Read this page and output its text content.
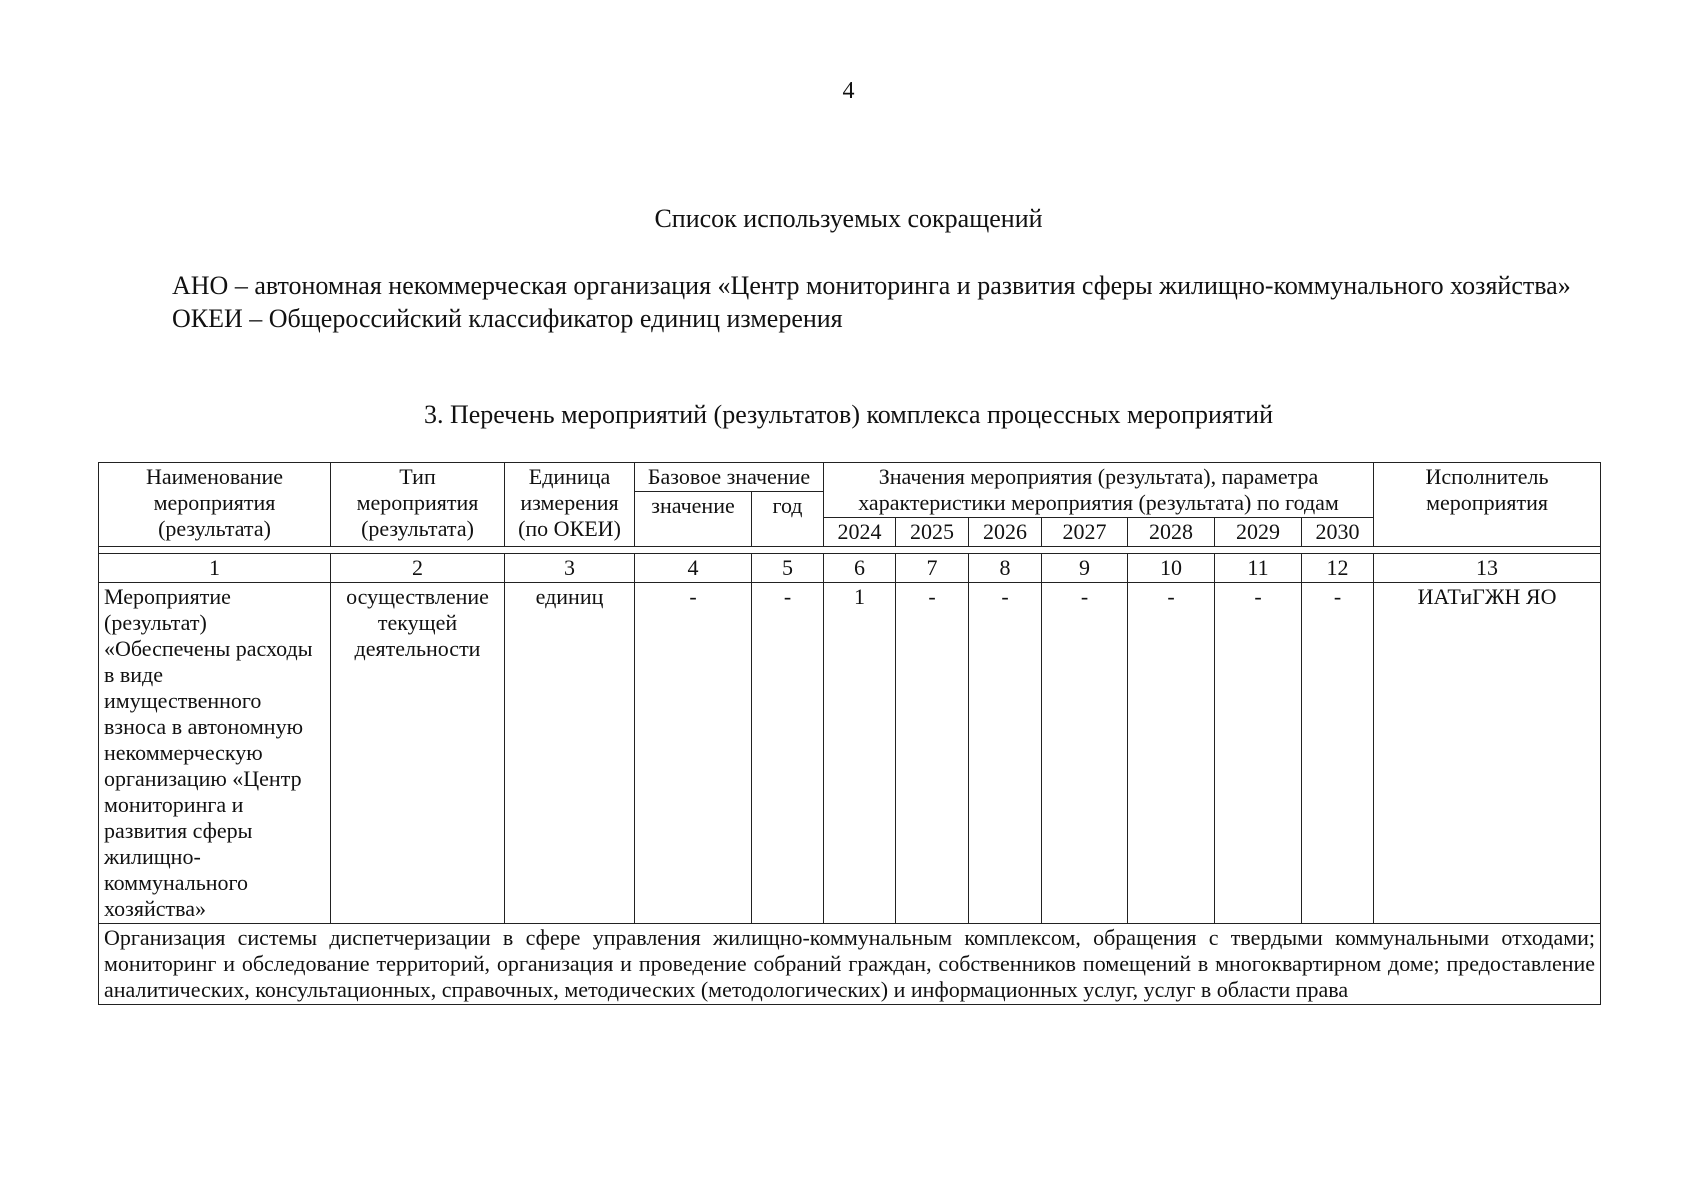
4
Список используемых сокращений
АНО – автономная некоммерческая организация «Центр мониторинга и развития сферы жилищно-коммунального хозяйства»
ОКЕИ – Общероссийский классификатор единиц измерения
3. Перечень мероприятий (результатов) комплекса процессных мероприятий
Наименование мероприятия (результата)	Тип мероприятия (результата)	Единица измерения (по ОКЕИ)	Базовое значение		Значения мероприятия (результата), параметра характеристики мероприятия (результата) по годам							Исполнитель мероприятия
			значение	год								
					2024	2025	2026	2027	2028	2029	2030	

1	2	3	4	5	6	7	8	9	10	11	12	13
Мероприятие (результат) «Обеспечены расходы в виде имущественного взноса в автономную некоммерческую организацию «Центр мониторинга и развития сферы жилищно-коммунального хозяйства»	осуществление текущей деятельности	единиц	-	-	1	-	-	-	-	-	-	ИАТиГЖН ЯО
Организация системы диспетчеризации в сфере управления жилищно-коммунальным комплексом, обращения с твердыми коммунальными отходами; мониторинг и обследование территорий, организация и проведение собраний граждан, собственников помещений в многоквартирном доме; предоставление аналитических, консультационных, справочных, методических (методологических) и информационных услуг, услуг в области права												
